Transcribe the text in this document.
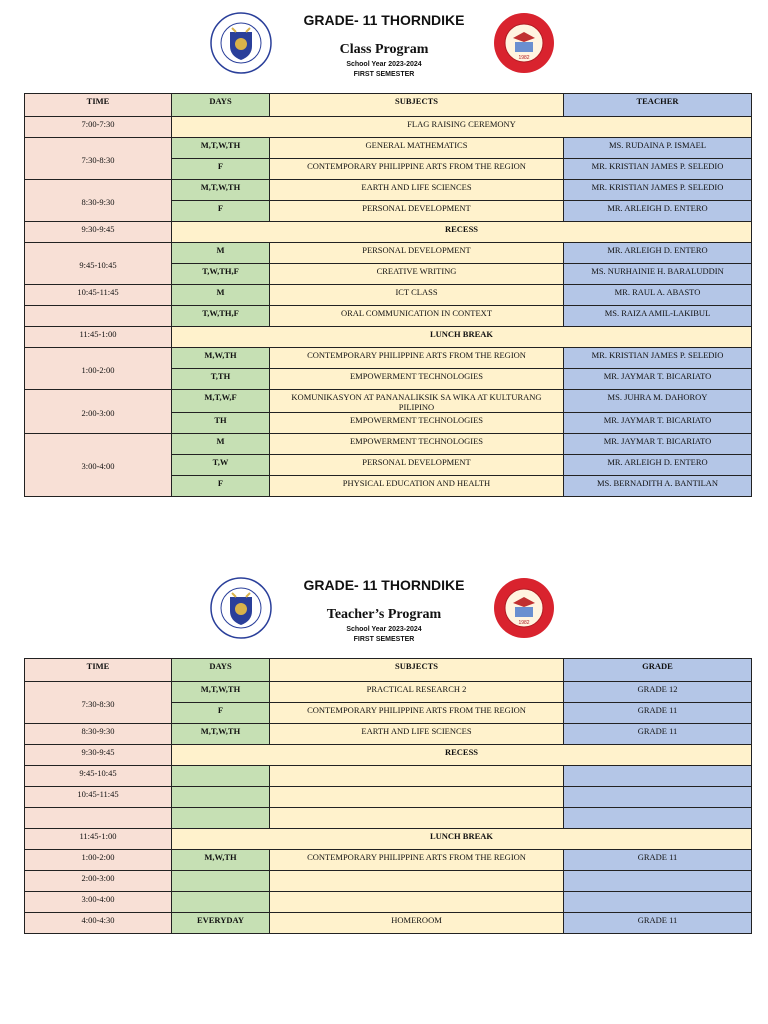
GRADE- 11 THORNDIKE
Class Program
School Year 2023-2024
FIRST SEMESTER
1982
TIME	DAYS	SUBJECTS	TEACHER
7:00-7:30	FLAG RAISING CEREMONY		
7:30-8:30	M,T,W,TH	GENERAL MATHEMATICS	MS. RUDAINA P. ISMAEL
	F	CONTEMPORARY PHILIPPINE ARTS FROM THE REGION	MR. KRISTIAN JAMES P. SELEDIO
8:30-9:30	M,T,W,TH	EARTH AND LIFE SCIENCES	MR. KRISTIAN JAMES P. SELEDIO
	F	PERSONAL DEVELOPMENT	MR. ARLEIGH D. ENTERO
9:30-9:45	RECESS		
9:45-10:45	M	PERSONAL DEVELOPMENT	MR. ARLEIGH D. ENTERO
	T,W,TH,F	CREATIVE WRITING	MS. NURHAINIE H. BARALUDDIN
10:45-11:45	M	ICT CLASS	MR. RAUL A. ABASTO
	T,W,TH,F	ORAL COMMUNICATION IN CONTEXT	MS. RAIZA AMIL-LAKIBUL
11:45-1:00	LUNCH BREAK		
1:00-2:00	M,W,TH	CONTEMPORARY PHILIPPINE ARTS FROM THE REGION	MR. KRISTIAN JAMES P. SELEDIO
	T,TH	EMPOWERMENT TECHNOLOGIES	MR. JAYMAR T. BICARIATO
2:00-3:00	M,T,W,F	KOMUNIKASYON AT PANANALIKSIK SA WIKA AT KULTURANG PILIPINO	MS. JUHRA M. DAHOROY
	TH	EMPOWERMENT TECHNOLOGIES	MR. JAYMAR T. BICARIATO
3:00-4:00	M	EMPOWERMENT TECHNOLOGIES	MR. JAYMAR T. BICARIATO
	T,W	PERSONAL DEVELOPMENT	MR. ARLEIGH D. ENTERO
	F	PHYSICAL EDUCATION AND HEALTH	MS. BERNADITH A. BANTILAN
GRADE- 11 THORNDIKE
Teacher’s Program
School Year 2023-2024
FIRST SEMESTER
1982
TIME	DAYS	SUBJECTS	GRADE
7:30-8:30	M,T,W,TH	PRACTICAL RESEARCH 2	GRADE 12
	F	CONTEMPORARY PHILIPPINE ARTS FROM THE REGION	GRADE 11
8:30-9:30	M,T,W,TH	EARTH AND LIFE SCIENCES	GRADE 11
9:30-9:45	RECESS		
9:45-10:45			
10:45-11:45			

11:45-1:00	LUNCH BREAK		
1:00-2:00	M,W,TH	CONTEMPORARY PHILIPPINE ARTS FROM THE REGION	GRADE 11
2:00-3:00			
3:00-4:00			
4:00-4:30	EVERYDAY	HOMEROOM	GRADE 11
